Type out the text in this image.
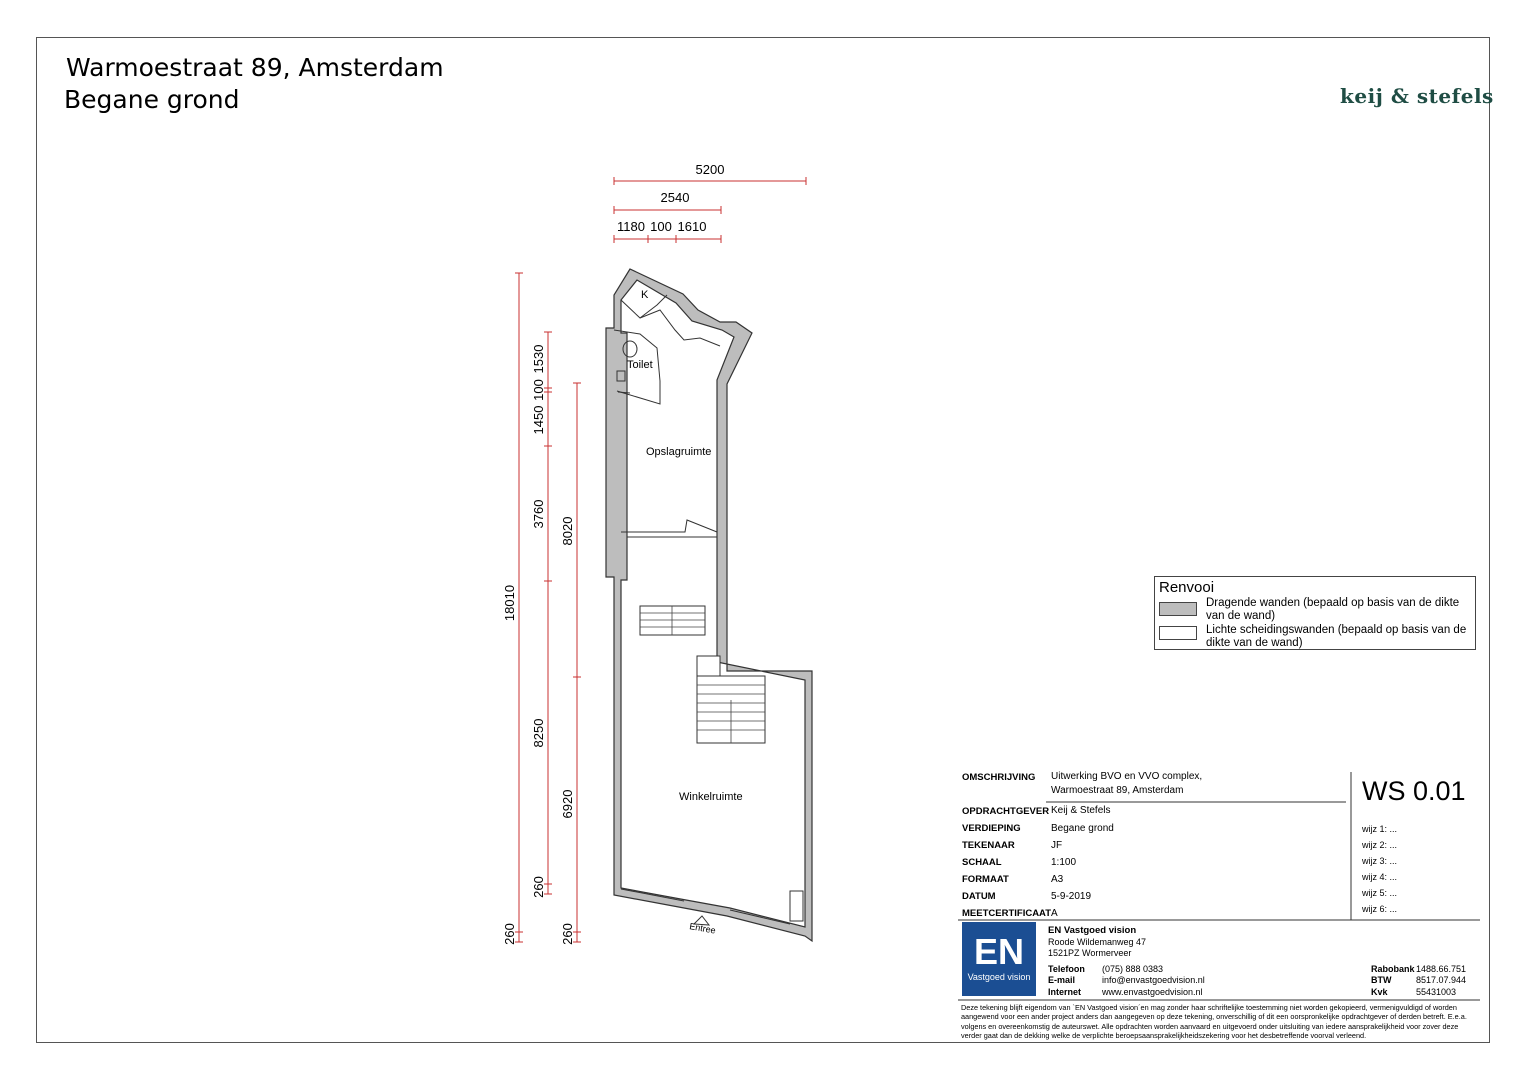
Warmoestraat 89, Amsterdam
Begane grond	keij & stefels
5200
2540
1180 100 1610
18010
260
1530
100
1450
3760
8250
260
8020
6920
260
K
Toilet
Opslagruimte
Winkelruimte
Entree
Renvooi
Dragende wanden (bepaald op basis van de dikte van de wand)
Lichte scheidingswanden (bepaald op basis van de dikte van de wand)
OMSCHRIJVING Uitwerking BVO en VVO complex,
Warmoestraat 89, Amsterdam
OPDRACHTGEVER Keij & Stefels
VERDIEPING	Begane grond
TEKENAAR	JF
SCHAAL	1:100
FORMAAT	A3
DATUM	5-9-2019
MEETCERTIFICAAT A
WS 0.01
wijz 1: ...
wijz 2: ...
wijz 3: ...
wijz 4: ...
wijz 5: ...
wijz 6: ...
EN
Vastgoed vision
EN Vastgoed vision
Roode Wildemanweg 47
1521PZ Wormerveer
Telefoon (075) 888 0383
E-mail	info@envastgoedvision.nl
Internet www.envastgoedvision.nl
Rabobank 1488.66.751
BTW	8517.07.944
Kvk	55431003
Deze tekening blijft eigendom van `EN Vastgoed vision´en mag zonder haar schriftelijke toestemming niet worden gekopieerd, vermenigvuldigd of worden aangewend voor een ander project anders dan aangegeven op deze tekening, onverschillig of dit een oorspronkelijke opdrachtgever of derden betreft. E.e.a. volgens en overeenkomstig de auteurswet. Alle opdrachten worden aanvaard en uitgevoerd onder uitsluiting van iedere aansprakelijkheid voor zover deze verder gaat dan de dekking welke de verplichte beroepsaansprakelijkheidszekering voor het desbetreffende voorval verleend.
